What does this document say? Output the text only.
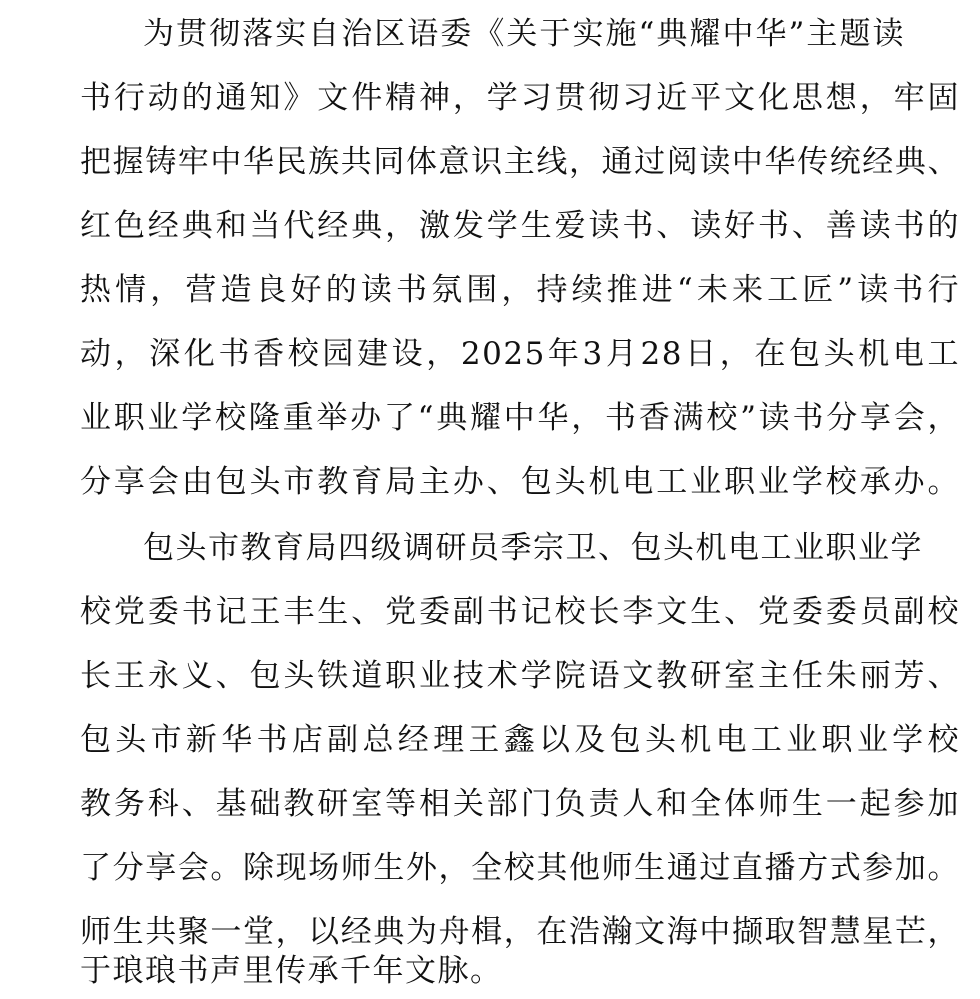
为贯彻落实自治区语委《关于实施“典耀中华”主题读
书行动的通知》文件精神，学习贯彻习近平文化思想，牢固
把握铸牢中华民族共同体意识主线，通过阅读中华传统经典、
红色经典和当代经典，激发学生爱读书、读好书、善读书的
热情，营造良好的读书氛围，持续推进“未来工匠”读书行
动，深化书香校园建设，2025年3月28日，在包头机电工
业职业学校隆重举办了“典耀中华，书香满校”读书分享会，
分享会由包头市教育局主办、包头机电工业职业学校承办。
包头市教育局四级调研员季宗卫、包头机电工业职业学
校党委书记王丰生、党委副书记校长李文生、党委委员副校
长王永义、包头铁道职业技术学院语文教研室主任朱丽芳、
包头市新华书店副总经理王鑫以及包头机电工业职业学校
教务科、基础教研室等相关部门负责人和全体师生一起参加
了分享会。除现场师生外，全校其他师生通过直播方式参加。
师生共聚一堂，以经典为舟楫，在浩瀚文海中撷取智慧星芒，
于琅琅书声里传承千年文脉。
